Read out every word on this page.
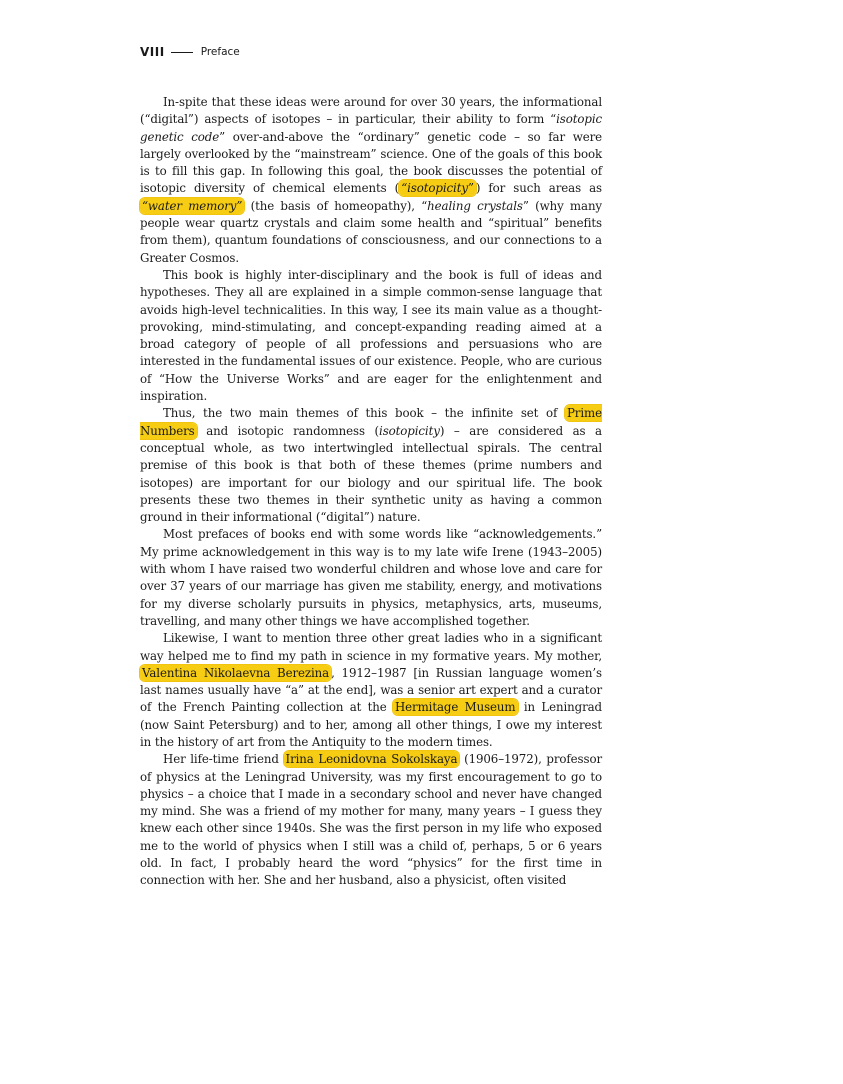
VIII	Preface

In-spite that these ideas were around for over 30 years, the informational (“digital”) aspects of isotopes – in particular, their ability to form “isotopic genetic code” over-and-above the “ordinary” genetic code – so far were largely overlooked by the “mainstream” science. One of the goals of this book is to fill this gap. In following this goal, the book discusses the potential of isotopic diversity of chemical elements ( “isotopicity” ) for such areas as “water memory” (the basis of homeopathy), “healing crystals” (why many people wear quartz crystals and claim some health and “spiritual” benefits from them), quantum foundations of consciousness, and our connections to a Greater Cosmos.

This book is highly inter-disciplinary and the book is full of ideas and hypotheses. They all are explained in a simple common-sense language that avoids high-level technicalities. In this way, I see its main value as a thought-provoking, mind-stimulating, and concept-expanding reading aimed at a broad category of people of all professions and persuasions who are interested in the fundamental issues of our existence. People, who are curious of “How the Universe Works” and are eager for the enlightenment and inspiration.

Thus, the two main themes of this book – the infinite set of Prime Numbers and isotopic randomness (isotopicity) – are considered as a conceptual whole, as two intertwingled intellectual spirals. The central premise of this book is that both of these themes (prime numbers and isotopes) are important for our biology and our spiritual life. The book presents these two themes in their synthetic unity as having a common ground in their informational (“digital”) nature.

Most prefaces of books end with some words like “acknowledgements.” My prime acknowledgement in this way is to my late wife Irene (1943–2005) with whom I have raised two wonderful children and whose love and care for over 37 years of our marriage has given me stability, energy, and motivations for my diverse scholarly pursuits in physics, metaphysics, arts, museums, travelling, and many other things we have accomplished together.

Likewise, I want to mention three other great ladies who in a significant way helped me to find my path in science in my formative years. My mother, Valentina Nikolaevna Berezina , 1912–1987 [in Russian language women’s last names usually have “a” at the end], was a senior art expert and a curator of the French Painting collection at the Hermitage Museum in Leningrad (now Saint Petersburg) and to her, among all other things, I owe my interest in the history of art from the Antiquity to the modern times.

Her life-time friend Irina Leonidovna Sokolskaya (1906–1972), professor of physics at the Leningrad University, was my first encouragement to go to physics – a choice that I made in a secondary school and never have changed my mind. She was a friend of my mother for many, many years – I guess they knew each other since 1940s. She was the first person in my life who exposed me to the world of physics when I still was a child of, perhaps, 5 or 6 years old. In fact, I probably heard the word “physics” for the first time in connection with her. She and her husband, also a physicist, often visited
